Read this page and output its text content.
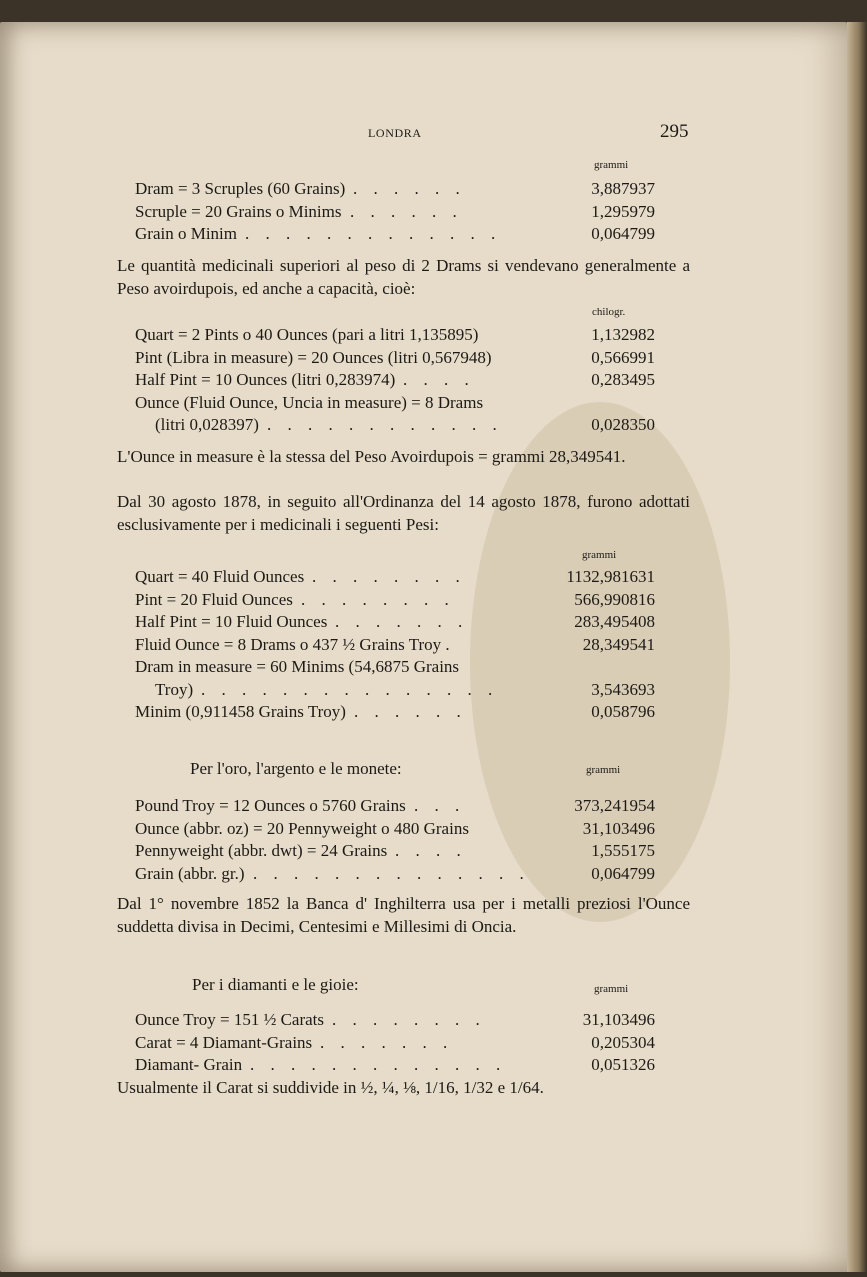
LONDRA	295
grammi
Dram = 3 Scruples (60 Grains) . . . . . .	3,887937
Scruple = 20 Grains o Minims . . . . . .	1,295979
Grain o Minim . . . . . . . . . . . . .	0,064799
Le quantità medicinali superiori al peso di 2 Drams si vendevano generalmente a Peso avoirdupois, ed anche a capacità, cioè:
chilogr.
Quart = 2 Pints o 40 Ounces (pari a litri 1,135895)	1,132982
Pint (Libra in measure) = 20 Ounces (litri 0,567948)	0,566991
Half Pint = 10 Ounces (litri 0,283974) . . . .	0,283495
Ounce (Fluid Ounce, Uncia in measure) = 8 Drams
(litri 0,028397) . . . . . . . . . . . .	0,028350
L'Ounce in measure è la stessa del Peso Avoirdupois = grammi 28,349541.
Dal 30 agosto 1878, in seguito all'Ordinanza del 14 agosto 1878, furono adottati esclusivamente per i medicinali i seguenti Pesi:
grammi
Quart = 40 Fluid Ounces . . . . . . . .	1132,981631
Pint = 20 Fluid Ounces . . . . . . . .	566,990816
Half Pint = 10 Fluid Ounces . . . . . . .	283,495408
Fluid Ounce = 8 Drams o 437 ½ Grains Troy .	28,349541
Dram in measure = 60 Minims (54,6875 Grains
Troy) . . . . . . . . . . . . . . .	3,543693
Minim (0,911458 Grains Troy) . . . . . .	0,058796
Per l'oro, l'argento e le monete:	grammi
Pound Troy = 12 Ounces o 5760 Grains . . .	373,241954
Ounce (abbr. oz) = 20 Pennyweight o 480 Grains	31,103496
Pennyweight (abbr. dwt) = 24 Grains . . . .	1,555175
Grain (abbr. gr.) . . . . . . . . . . . . . .	0,064799
Dal 1° novembre 1852 la Banca d' Inghilterra usa per i metalli preziosi l'Ounce suddetta divisa in Decimi, Centesimi e Millesimi di Oncia.
Per i diamanti e le gioie:	grammi
Ounce Troy = 151 ½ Carats . . . . . . . .	31,103496
Carat = 4 Diamant-Grains . . . . . . .	0,205304
Diamant- Grain . . . . . . . . . . . . .	0,051326
Usualmente il Carat si suddivide in ½, ¼, ⅛, 1/16, 1/32 e 1/64.
